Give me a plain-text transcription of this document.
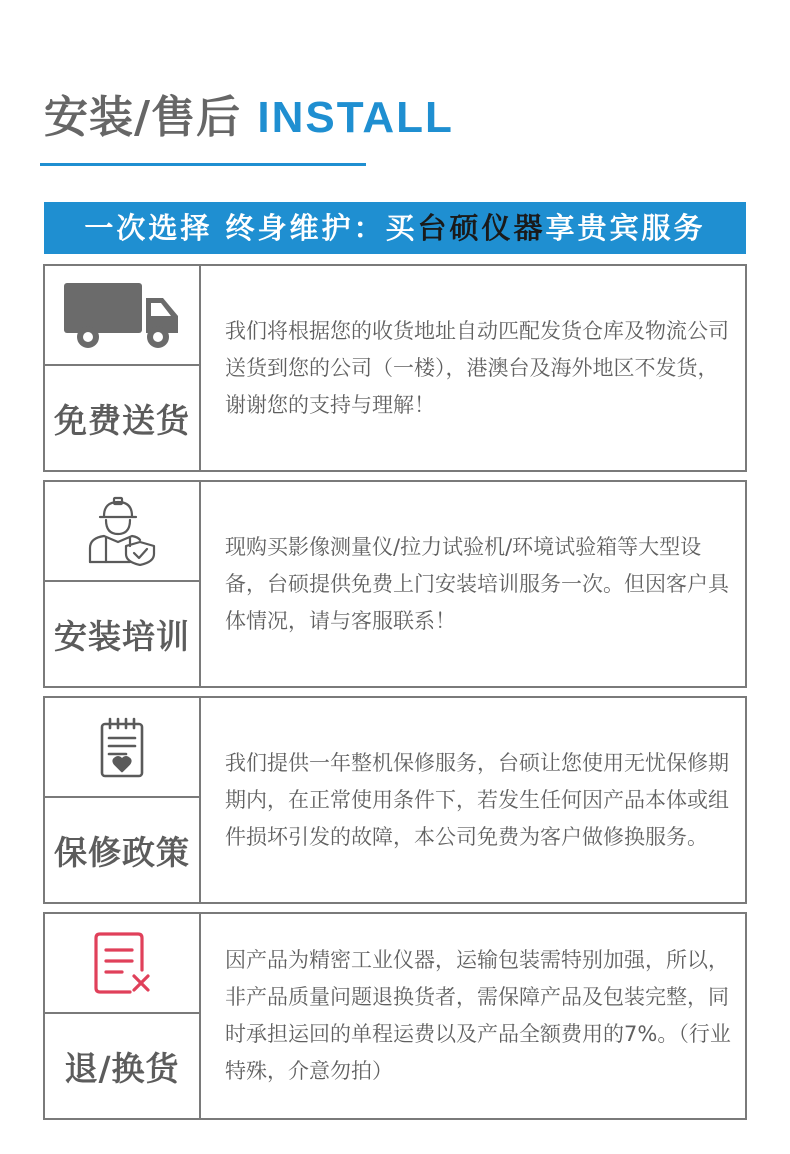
安装/售后 INSTALL
一次选择 终身维护：买台硕仪器享贵宾服务
免费送货

我们将根据您的收货地址自动匹配发货仓库及物流公司送货到您的公司（一楼），港澳台及海外地区不发货，谢谢您的支持与理解！

安装培训

现购买影像测量仪/拉力试验机/环境试验箱等大型设备，台硕提供免费上门安装培训服务一次。但因客户具体情况，请与客服联系！

保修政策

我们提供一年整机保修服务，台硕让您使用无忧保修期期内，在正常使用条件下，若发生任何因产品本体或组件损坏引发的故障，本公司免费为客户做修换服务。

退/换货

因产品为精密工业仪器，运输包装需特别加强，所以，非产品质量问题退换货者，需保障产品及包装完整，同时承担运回的单程运费以及产品全额费用的7%。（行业特殊，介意勿拍）
